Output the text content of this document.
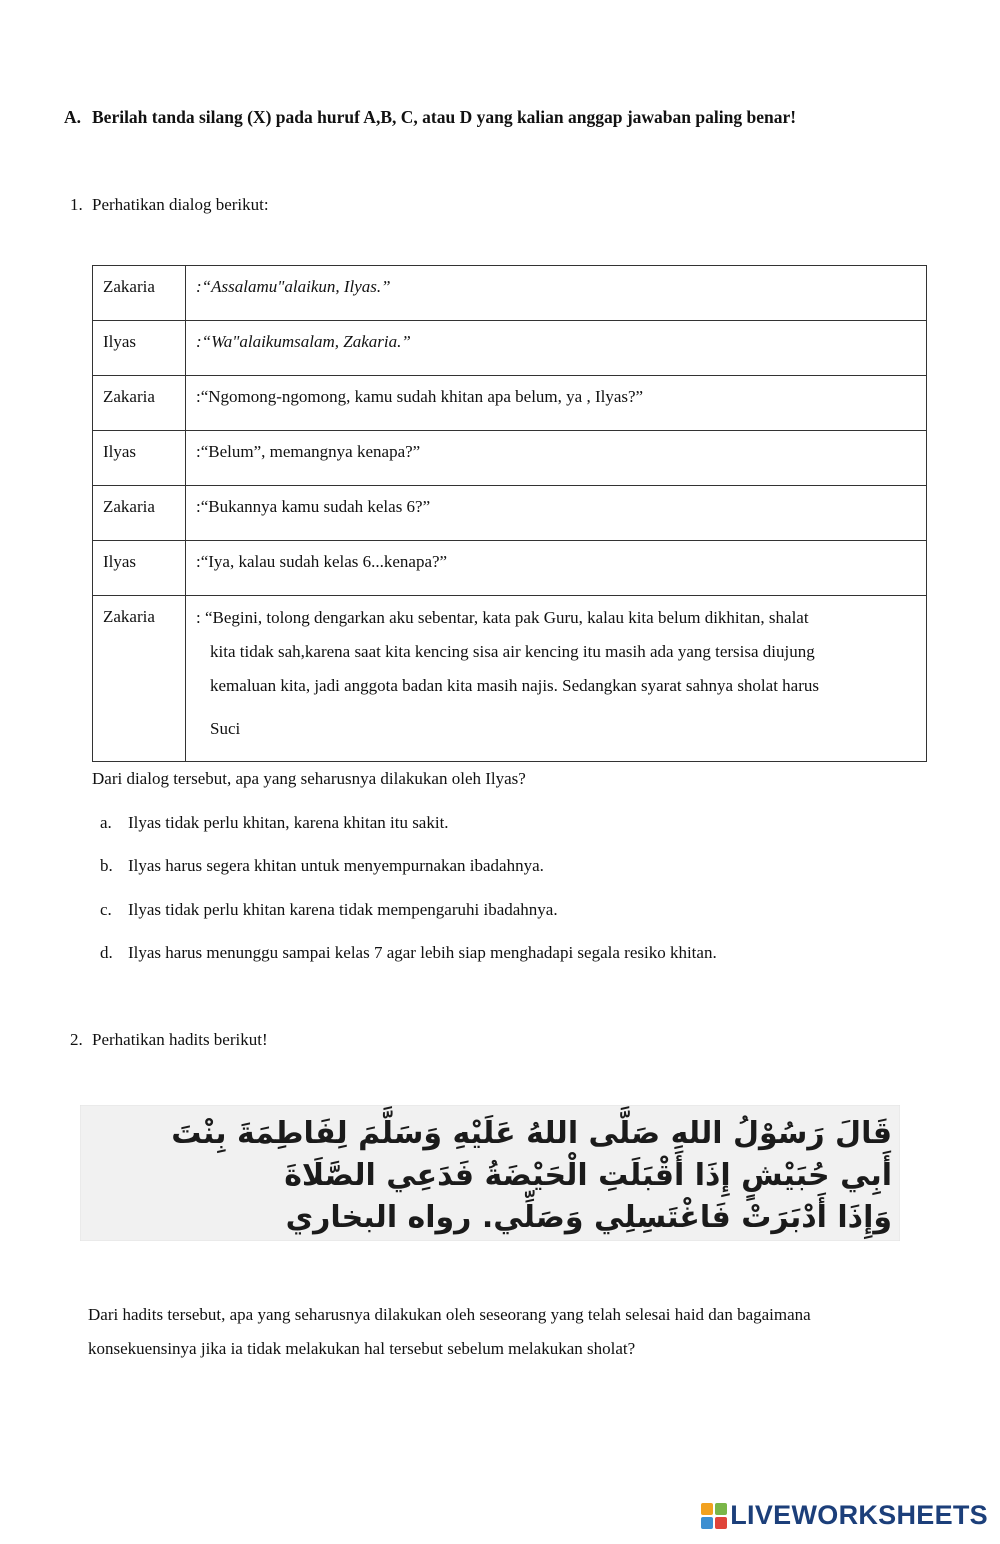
A. Berilah tanda silang (X) pada huruf A,B, C, atau D yang kalian anggap jawaban paling benar!
1. Perhatikan dialog berikut:
Zakaria	:“Assalamu"alaikun, Ilyas.”
Ilyas	:“Wa"alaikumsalam, Zakaria.”
Zakaria	:“Ngomong-ngomong, kamu sudah khitan apa belum, ya , Ilyas?”
Ilyas	:“Belum”, memangnya kenapa?”
Zakaria	:“Bukannya kamu sudah kelas 6?”
Ilyas	:“Iya, kalau sudah kelas 6...kenapa?”
Zakaria	: “Begini, tolong dengarkan aku sebentar, kata pak Guru, kalau kita belum dikhitan, shalat
kita tidak sah,karena saat kita kencing sisa air kencing itu masih ada yang tersisa diujung
kemaluan kita, jadi anggota badan kita masih najis. Sedangkan syarat sahnya sholat harus
Suci
Dari dialog tersebut, apa yang seharusnya dilakukan oleh Ilyas?
a. Ilyas tidak perlu khitan, karena khitan itu sakit.
b. Ilyas harus segera khitan untuk menyempurnakan ibadahnya.
c. Ilyas tidak perlu khitan karena tidak mempengaruhi ibadahnya.
d. Ilyas harus menunggu sampai kelas 7 agar lebih siap menghadapi segala resiko khitan.
2. Perhatikan hadits berikut!
قَالَ رَسُوْلُ اللهِ صَلَّى اللهُ عَلَيْهِ وَسَلَّمَ لِفَاطِمَةَ بِنْتَ
أَبِي حُبَيْشٍ إِذَا أَقْبَلَتِ الْحَيْضَةُ فَدَعِي الصَّلَاةَ
وَإِذَا أَدْبَرَتْ فَاغْتَسِلِي وَصَلِّي. رواه البخاري
Dari hadits tersebut, apa yang seharusnya dilakukan oleh seseorang yang telah selesai haid dan bagaimana
konsekuensinya jika ia tidak melakukan hal tersebut sebelum melakukan sholat?
LIVEWORKSHEETS
